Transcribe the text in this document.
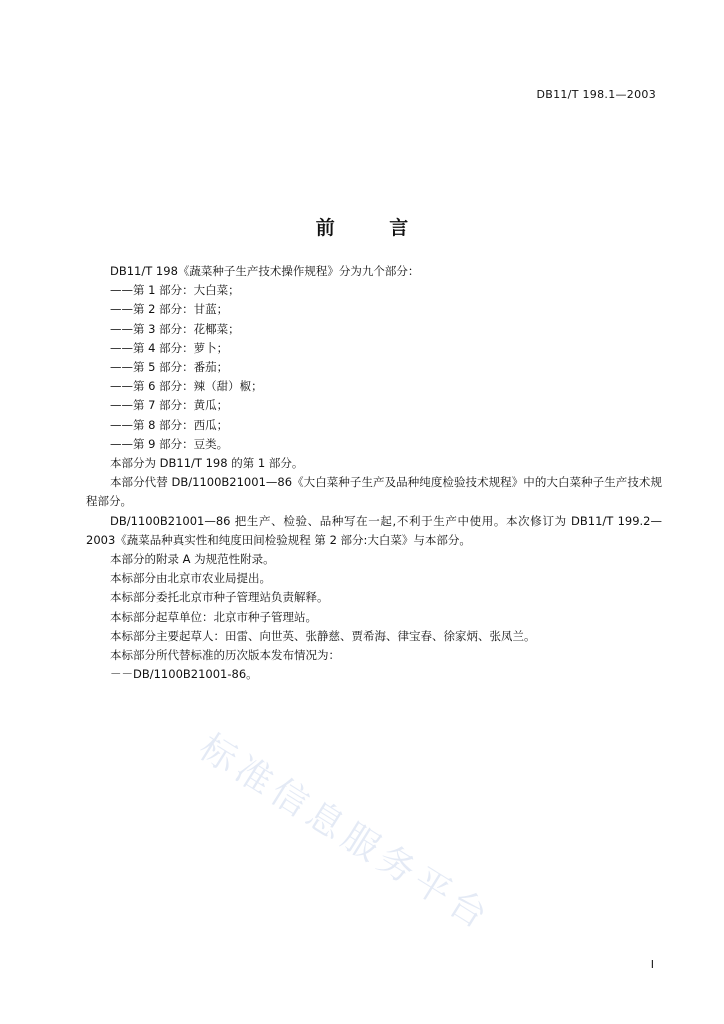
DB11/T 198.1—2003
前 言

DB11/T 198《蔬菜种子生产技术操作规程》分为九个部分：

——第 1 部分：大白菜；

——第 2 部分：甘蓝；

——第 3 部分：花椰菜；

——第 4 部分：萝卜；

——第 5 部分：番茄；

——第 6 部分：辣（甜）椒；

——第 7 部分：黄瓜；

——第 8 部分：西瓜；

——第 9 部分：豆类。

本部分为 DB11/T 198 的第 1 部分。

本部分代替 DB/1100B21001—86《大白菜种子生产及品种纯度检验技术规程》中的大白菜种子生产技术规程部分。

DB/1100B21001—86 把生产、检验、品种写在一起,不利于生产中使用。本次修订为 DB11/T 199.2—2003《蔬菜品种真实性和纯度田间检验规程 第 2 部分:大白菜》与本部分。

本部分的附录 A 为规范性附录。

本标部分由北京市农业局提出。

本标部分委托北京市种子管理站负责解释。

本标部分起草单位：北京市种子管理站。

本标部分主要起草人：田雷、向世英、张静慈、贾希海、律宝春、徐家炳、张凤兰。

本标部分所代替标准的历次版本发布情况为：

－－DB/1100B21001-86。

标准信息服务平台
I
